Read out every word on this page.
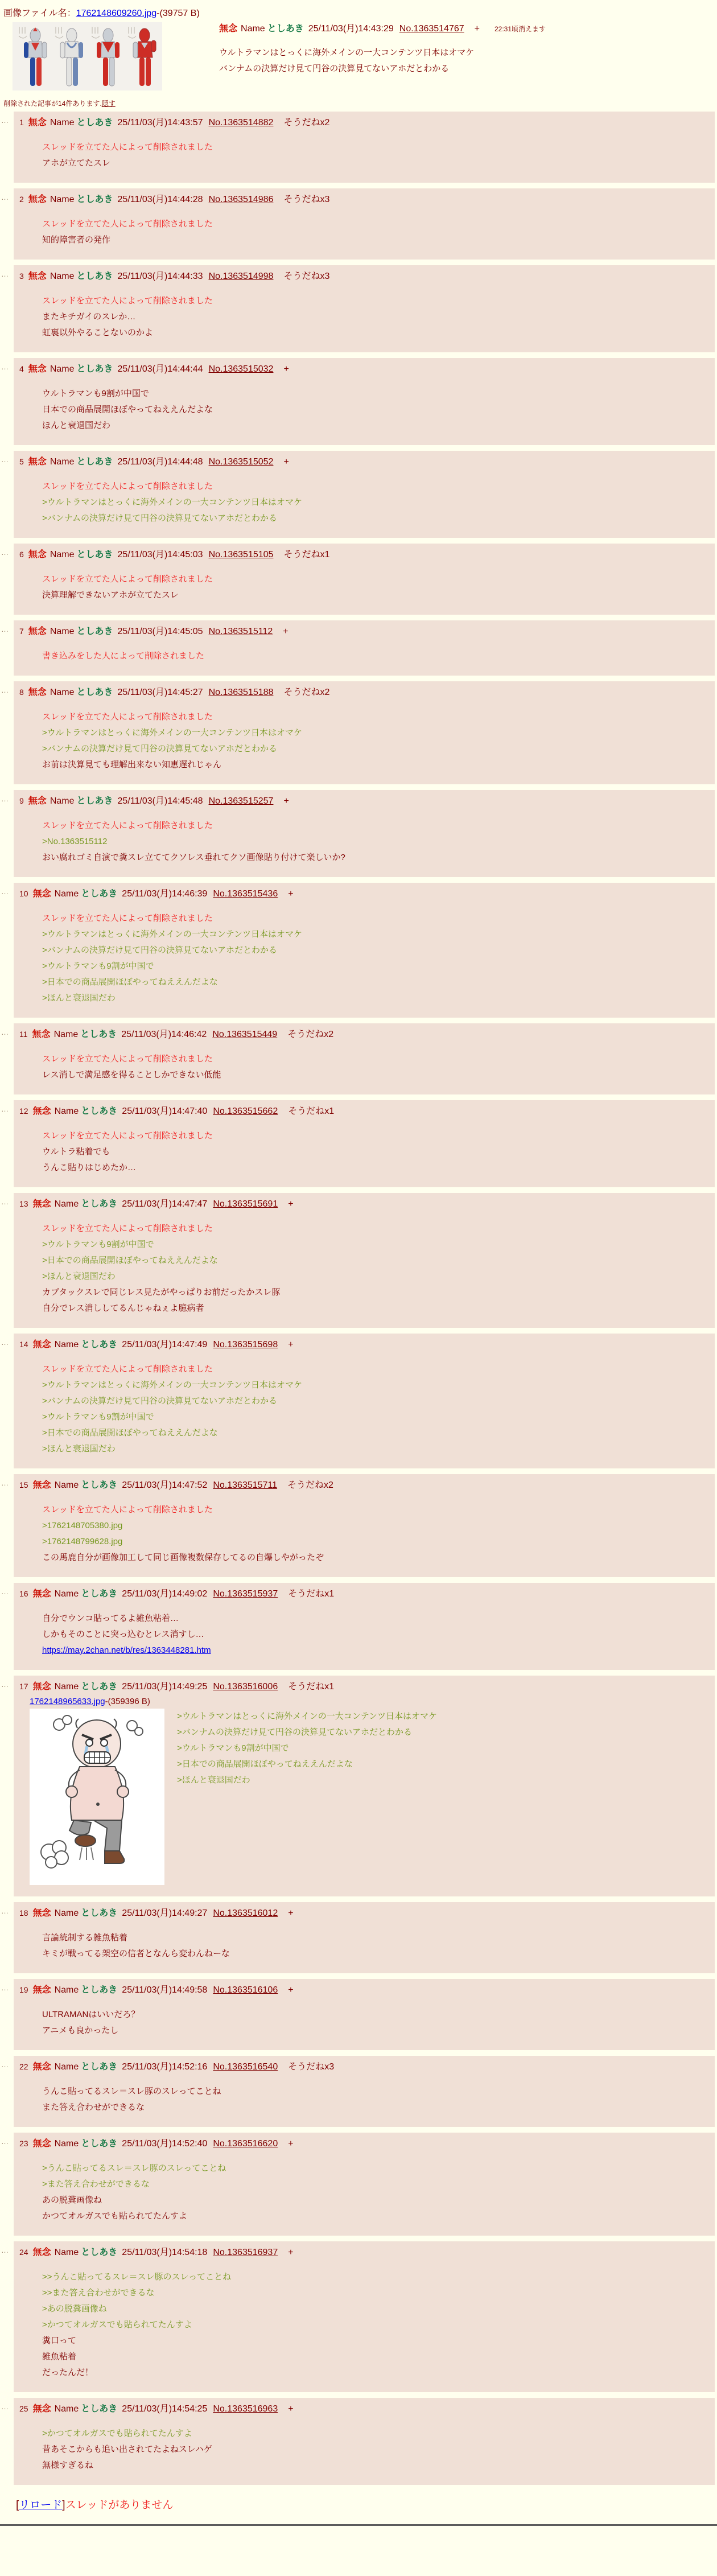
画像ファイル名：1762148609260.jpg-(39757 B)
無念 Name としあき 25/11/03(月)14:43:29 No.1363514767 + 22:31頃消えます
ウルトラマンはとっくに海外メインの一大コンテンツ日本はオマケ
バンナムの決算だけ見て円谷の決算見てないアホだとわかる
削除された記事が14件あります.隠す
…	1 無念 Name としあき 25/11/03(月)14:43:57 No.1363514882 そうだねx2
スレッドを立てた人によって削除されました
アホが立てたスレ
…	2 無念 Name としあき 25/11/03(月)14:44:28 No.1363514986 そうだねx3
スレッドを立てた人によって削除されました
知的障害者の発作
…	3 無念 Name としあき 25/11/03(月)14:44:33 No.1363514998 そうだねx3
スレッドを立てた人によって削除されました
またキチガイのスレか…
虹裏以外やることないのかよ
…	4 無念 Name としあき 25/11/03(月)14:44:44 No.1363515032 +
ウルトラマンも9割が中国で
日本での商品展開ほぼやってねええんだよな
ほんと衰退国だわ
…	5 無念 Name としあき 25/11/03(月)14:44:48 No.1363515052 +
スレッドを立てた人によって削除されました
>ウルトラマンはとっくに海外メインの一大コンテンツ日本はオマケ
>バンナムの決算だけ見て円谷の決算見てないアホだとわかる
…	6 無念 Name としあき 25/11/03(月)14:45:03 No.1363515105 そうだねx1
スレッドを立てた人によって削除されました
決算理解できないアホが立てたスレ
…	7 無念 Name としあき 25/11/03(月)14:45:05 No.1363515112 +
書き込みをした人によって削除されました
…	8 無念 Name としあき 25/11/03(月)14:45:27 No.1363515188 そうだねx2
スレッドを立てた人によって削除されました
>ウルトラマンはとっくに海外メインの一大コンテンツ日本はオマケ
>バンナムの決算だけ見て円谷の決算見てないアホだとわかる
お前は決算見ても理解出来ない知恵遅れじゃん
…	9 無念 Name としあき 25/11/03(月)14:45:48 No.1363515257 +
スレッドを立てた人によって削除されました
>No.1363515112
おい腐れゴミ自演で糞スレ立ててクソレス垂れてクソ画像貼り付けて楽しいか?
…	10 無念 Name としあき 25/11/03(月)14:46:39 No.1363515436 +
スレッドを立てた人によって削除されました
>ウルトラマンはとっくに海外メインの一大コンテンツ日本はオマケ
>バンナムの決算だけ見て円谷の決算見てないアホだとわかる
>ウルトラマンも9割が中国で
>日本での商品展開ほぼやってねええんだよな
>ほんと衰退国だわ
…	11 無念 Name としあき 25/11/03(月)14:46:42 No.1363515449 そうだねx2
スレッドを立てた人によって削除されました
レス消しで満足感を得ることしかできない低能
…	12 無念 Name としあき 25/11/03(月)14:47:40 No.1363515662 そうだねx1
スレッドを立てた人によって削除されました
ウルトラ粘着でも
うんこ貼りはじめたか…
…	13 無念 Name としあき 25/11/03(月)14:47:47 No.1363515691 +
スレッドを立てた人によって削除されました
>ウルトラマンも9割が中国で
>日本での商品展開ほぼやってねええんだよな
>ほんと衰退国だわ
カブタックスレで同じレス見たがやっぱりお前だったかスレ豚
自分でレス消ししてるんじゃねぇよ臆病者
…	14 無念 Name としあき 25/11/03(月)14:47:49 No.1363515698 +
スレッドを立てた人によって削除されました
>ウルトラマンはとっくに海外メインの一大コンテンツ日本はオマケ
>バンナムの決算だけ見て円谷の決算見てないアホだとわかる
>ウルトラマンも9割が中国で
>日本での商品展開ほぼやってねええんだよな
>ほんと衰退国だわ
…	15 無念 Name としあき 25/11/03(月)14:47:52 No.1363515711 そうだねx2
スレッドを立てた人によって削除されました
>1762148705380.jpg
>1762148799628.jpg
この馬鹿自分が画像加工して同じ画像複数保存してるの自爆しやがったぞ
…	16 無念 Name としあき 25/11/03(月)14:49:02 No.1363515937 そうだねx1
自分でウンコ貼ってるよ雑魚粘着…
しかもそのことに突っ込むとレス消すし…
https://may.2chan.net/b/res/1363448281.htm
…	17 無念 Name としあき 25/11/03(月)14:49:25 No.1363516006 そうだねx1
1762148965633.jpg-(359396 B)
>ウルトラマンはとっくに海外メインの一大コンテンツ日本はオマケ
>バンナムの決算だけ見て円谷の決算見てないアホだとわかる
>ウルトラマンも9割が中国で
>日本での商品展開ほぼやってねええんだよな
>ほんと衰退国だわ
…	18 無念 Name としあき 25/11/03(月)14:49:27 No.1363516012 +
言論統制する雑魚粘着
キミが戦ってる架空の信者となんら変わんねーな
…	19 無念 Name としあき 25/11/03(月)14:49:58 No.1363516106 +
ULTRAMANはいいだろ？
アニメも良かったし
…	22 無念 Name としあき 25/11/03(月)14:52:16 No.1363516540 そうだねx3
うんこ貼ってるスレ＝スレ豚のスレってことね
また答え合わせができるな
…	23 無念 Name としあき 25/11/03(月)14:52:40 No.1363516620 +
>うんこ貼ってるスレ＝スレ豚のスレってことね
>また答え合わせができるな
あの脱糞画像ね
かつてオルガスでも貼られてたんすよ
…	24 無念 Name としあき 25/11/03(月)14:54:18 No.1363516937 +
>>うんこ貼ってるスレ＝スレ豚のスレってことね
>>また答え合わせができるな
>あの脱糞画像ね
>かつてオルガスでも貼られてたんすよ
糞口って
雑魚粘着
だったんだ！
…	25 無念 Name としあき 25/11/03(月)14:54:25 No.1363516963 +
>かつてオルガスでも貼られてたんすよ
昔あそこからも追い出されてたよねスレハゲ
無様すぎるね
[リロード]スレッドがありません
